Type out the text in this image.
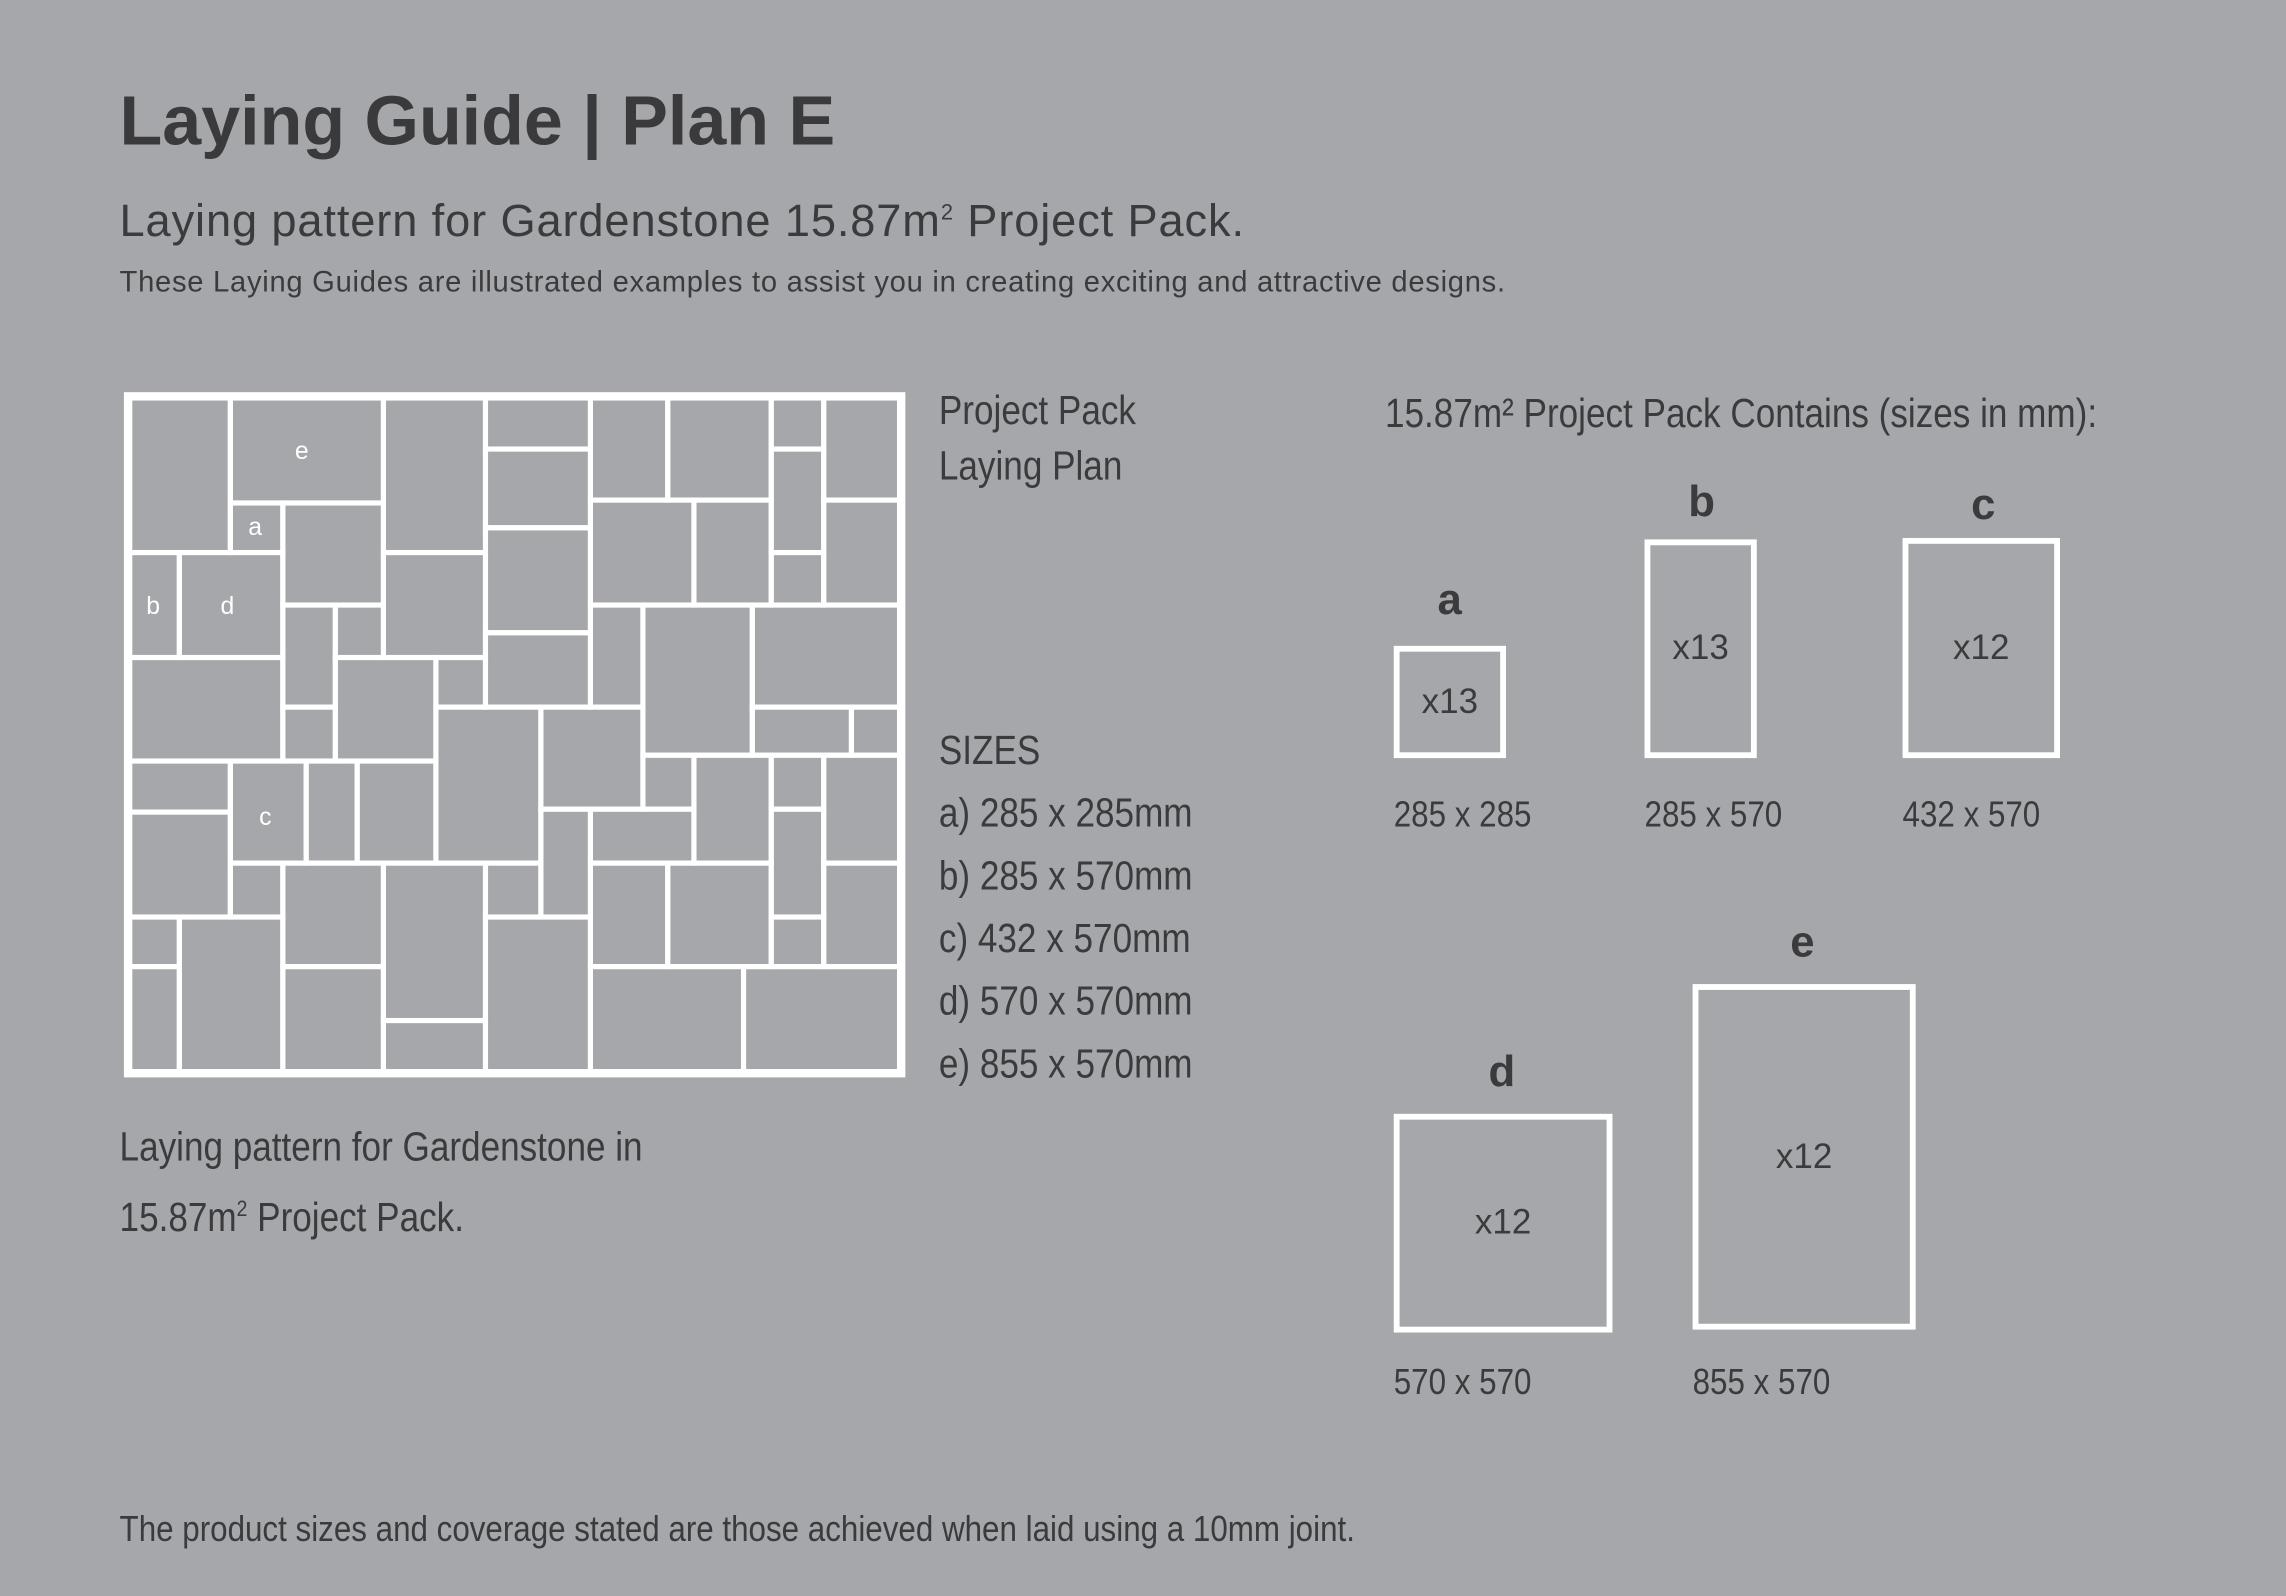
Laying Guide | Plan E
Laying pattern for Gardenstone $15.87m^2$ Project Pack.
These Laying Guides are illustrated examples to assist you in creating exciting and attractive designs.
e
a
b	d
c
Project Pack
Laying Plan
SIZES
a) 285 x 285mm
b) 285 x 570mm
c) 432 x 570mm
d) 570 x 570mm
e) 855 x 570mm
Laying pattern for Gardenstone in
$15.87m^2$ Project Pack.
15.87m² Project Pack Contains (sizes in mm):
a
x13
285 x 285
b
x13
285 x 570
c
x12
432 x 570
d
x12
570 x 570
e
x12
855 x 570
The product sizes and coverage stated are those achieved when laid using a 10mm joint.
